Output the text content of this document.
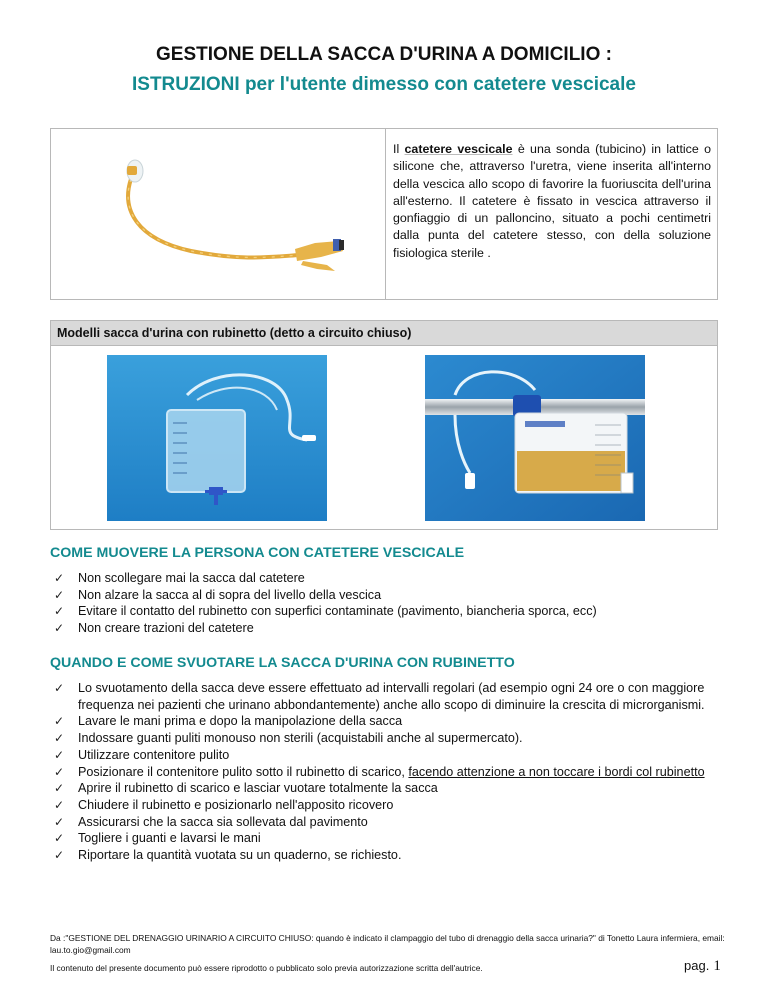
GESTIONE DELLA SACCA D'URINA A DOMICILIO :
ISTRUZIONI per l'utente dimesso con catetere vescicale
Il catetere vescicale è una sonda (tubicino) in lattice o silicone che, attraverso l'uretra, viene inserita all'interno della vescica allo scopo di favorire la fuoriuscita dell'urina all'esterno. Il catetere è fissato in vescica attraverso il gonfiaggio di un palloncino, situato a pochi centimetri dalla punta del catetere stesso, con della soluzione fisiologica sterile .
Modelli sacca d'urina con rubinetto (detto a circuito chiuso)
COME MUOVERE LA PERSONA CON CATETERE VESCICALE
✓ Non scollegare mai la sacca dal catetere
✓ Non alzare la sacca al di sopra del livello della vescica
✓ Evitare il contatto del rubinetto con superfici contaminate (pavimento, biancheria sporca, ecc)
✓ Non creare trazioni del catetere
QUANDO E COME SVUOTARE LA SACCA D'URINA CON RUBINETTO
✓ Lo svuotamento della sacca deve essere effettuato ad intervalli regolari (ad esempio ogni 24 ore o con maggiore frequenza nei pazienti che urinano abbondantemente) anche allo scopo di diminuire la crescita di microrganismi.
✓ Lavare le mani prima e dopo la manipolazione della sacca
✓ Indossare guanti puliti monouso non sterili (acquistabili anche al supermercato).
✓ Utilizzare contenitore pulito
✓ Posizionare il contenitore pulito sotto il rubinetto di scarico, facendo attenzione a non toccare i bordi col rubinetto
✓ Aprire il rubinetto di scarico e lasciar vuotare totalmente la sacca
✓ Chiudere il rubinetto e posizionarlo nell'apposito ricovero
✓ Assicurarsi che la sacca sia sollevata dal pavimento
✓ Togliere i guanti e lavarsi le mani
✓ Riportare la quantità vuotata su un quaderno, se richiesto.
Da :"GESTIONE DEL DRENAGGIO URINARIO A CIRCUITO CHIUSO: quando è indicato il clampaggio del tubo di drenaggio della sacca urinaria?" di Tonetto Laura infermiera, email: lau.to.gio@gmail.com
Il contenuto del presente documento può essere riprodotto o pubblicato solo previa autorizzazione scritta dell'autrice.	pag. 1
